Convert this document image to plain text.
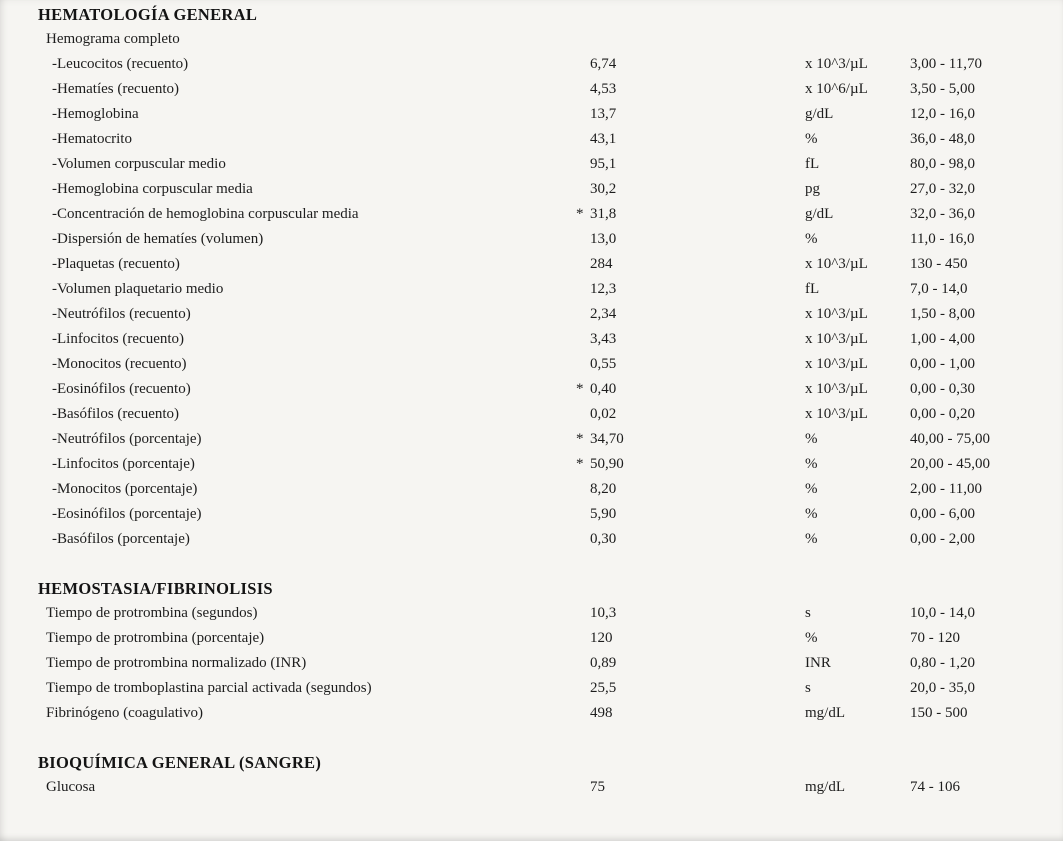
HEMATOLOGÍA GENERAL
Hemograma completo
-Leucocitos (recuento)	6,74	x 10^3/µL	3,00 - 11,70
-Hematíes (recuento)	4,53	x 10^6/µL	3,50 - 5,00
-Hemoglobina	13,7	g/dL	12,0 - 16,0
-Hematocrito	43,1	%	36,0 - 48,0
-Volumen corpuscular medio	95,1	fL	80,0 - 98,0
-Hemoglobina corpuscular media	30,2	pg	27,0 - 32,0
-Concentración de hemoglobina corpuscular media	* 31,8	g/dL	32,0 - 36,0
-Dispersión de hematíes (volumen)	13,0	%	11,0 - 16,0
-Plaquetas (recuento)	284	x 10^3/µL	130 - 450
-Volumen plaquetario medio	12,3	fL	7,0 - 14,0
-Neutrófilos (recuento)	2,34	x 10^3/µL	1,50 - 8,00
-Linfocitos (recuento)	3,43	x 10^3/µL	1,00 - 4,00
-Monocitos (recuento)	0,55	x 10^3/µL	0,00 - 1,00
-Eosinófilos (recuento)	* 0,40	x 10^3/µL	0,00 - 0,30
-Basófilos (recuento)	0,02	x 10^3/µL	0,00 - 0,20
-Neutrófilos (porcentaje)	* 34,70	%	40,00 - 75,00
-Linfocitos (porcentaje)	* 50,90	%	20,00 - 45,00
-Monocitos (porcentaje)	8,20	%	2,00 - 11,00
-Eosinófilos (porcentaje)	5,90	%	0,00 - 6,00
-Basófilos (porcentaje)	0,30	%	0,00 - 2,00
HEMOSTASIA/FIBRINOLISIS
Tiempo de protrombina (segundos)	10,3	s	10,0 - 14,0
Tiempo de protrombina (porcentaje)	120	%	70 - 120
Tiempo de protrombina normalizado (INR)	0,89	INR	0,80 - 1,20
Tiempo de tromboplastina parcial activada (segundos)	25,5	s	20,0 - 35,0
Fibrinógeno (coagulativo)	498	mg/dL	150 - 500
BIOQUÍMICA GENERAL (SANGRE)
Glucosa	75	mg/dL	74 - 106
